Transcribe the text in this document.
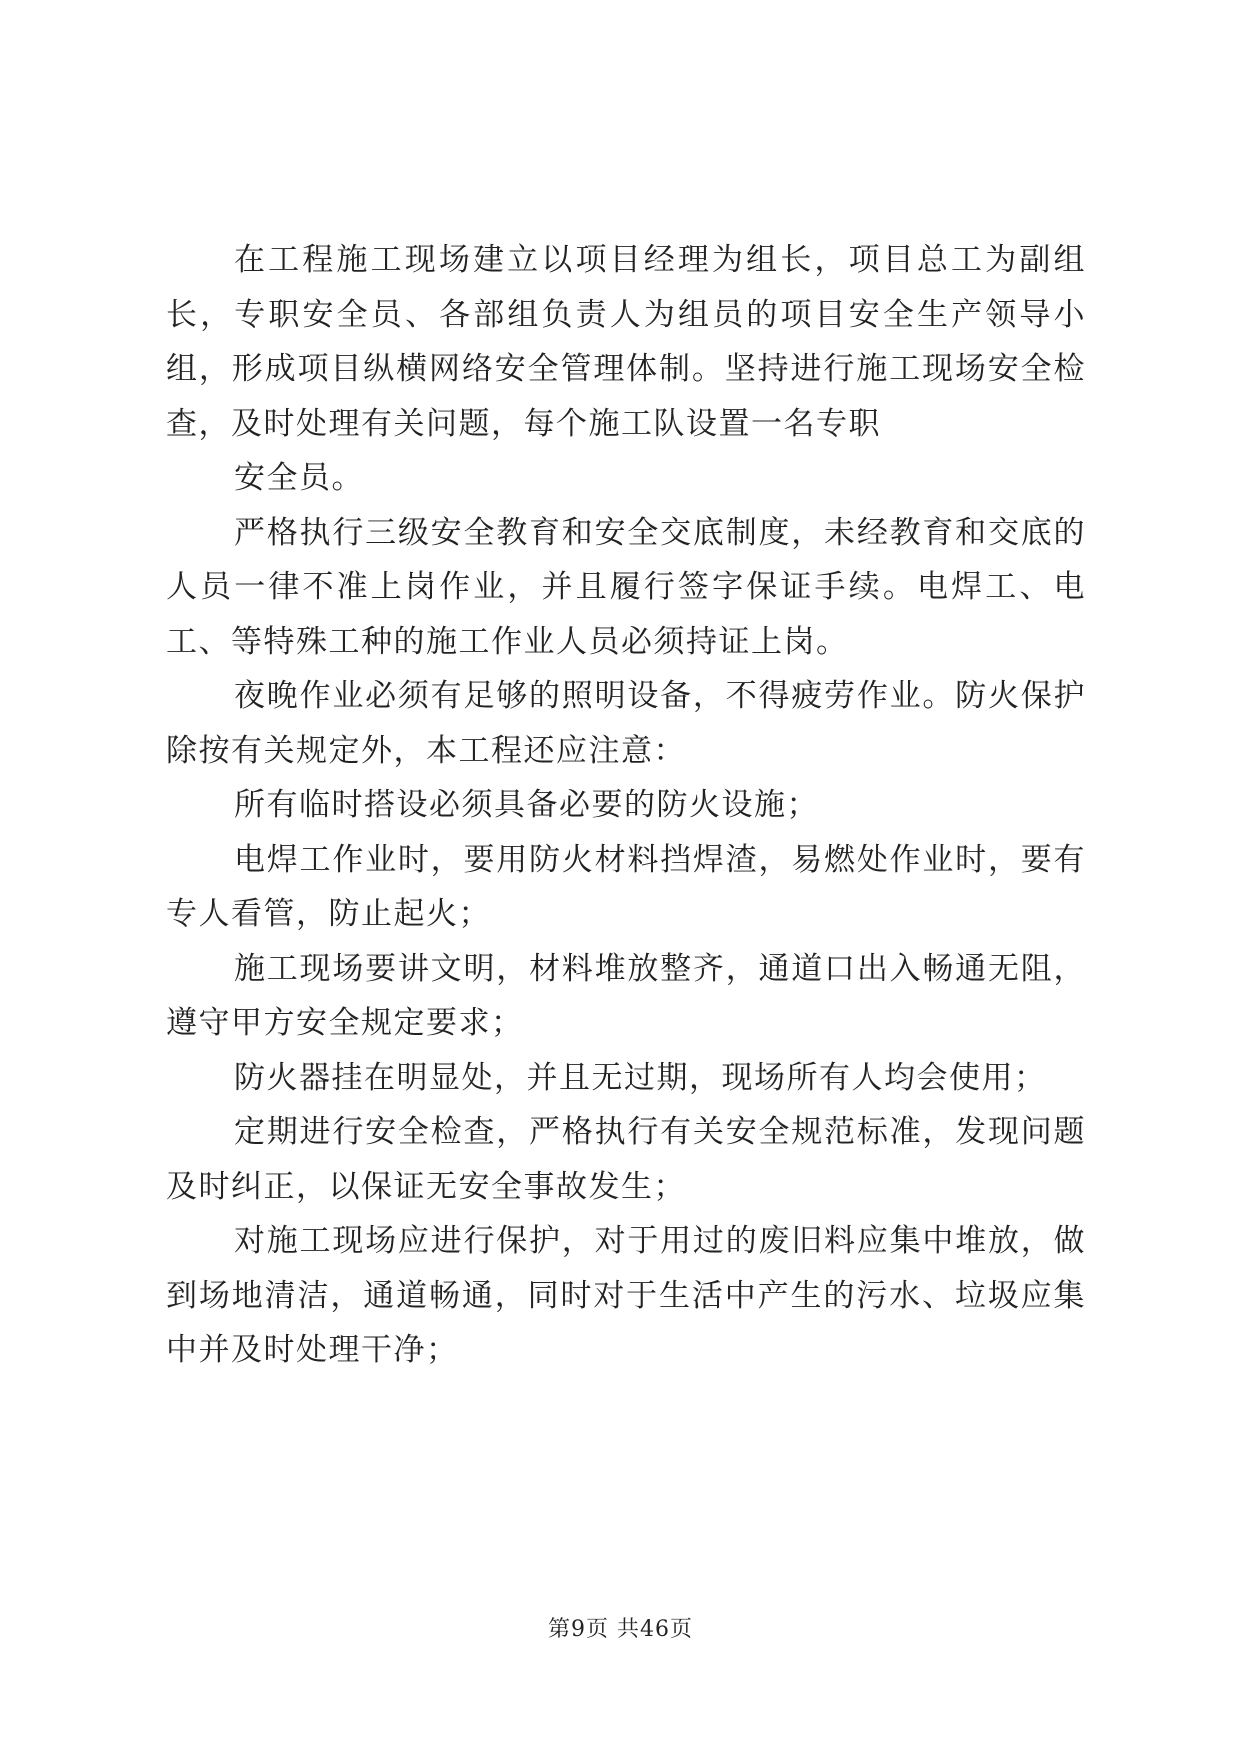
在工程施工现场建立以项目经理为组长，项目总工为副组长，专职安全员、各部组负责人为组员的项目安全生产领导小组，形成项目纵横网络安全管理体制。坚持进行施工现场安全检查，及时处理有关问题，每个施工队设置一名专职

安全员。

严格执行三级安全教育和安全交底制度，未经教育和交底的人员一律不准上岗作业，并且履行签字保证手续。电焊工、电工、等特殊工种的施工作业人员必须持证上岗。

夜晚作业必须有足够的照明设备，不得疲劳作业。防火保护除按有关规定外，本工程还应注意：

所有临时搭设必须具备必要的防火设施；

电焊工作业时，要用防火材料挡焊渣，易燃处作业时，要有专人看管，防止起火；

施工现场要讲文明，材料堆放整齐，通道口出入畅通无阻，遵守甲方安全规定要求；

防火器挂在明显处，并且无过期，现场所有人均会使用；

定期进行安全检查，严格执行有关安全规范标准，发现问题及时纠正，以保证无安全事故发生；

对施工现场应进行保护，对于用过的废旧料应集中堆放，做到场地清洁，通道畅通，同时对于生活中产生的污水、垃圾应集中并及时处理干净；

第9页 共46页
